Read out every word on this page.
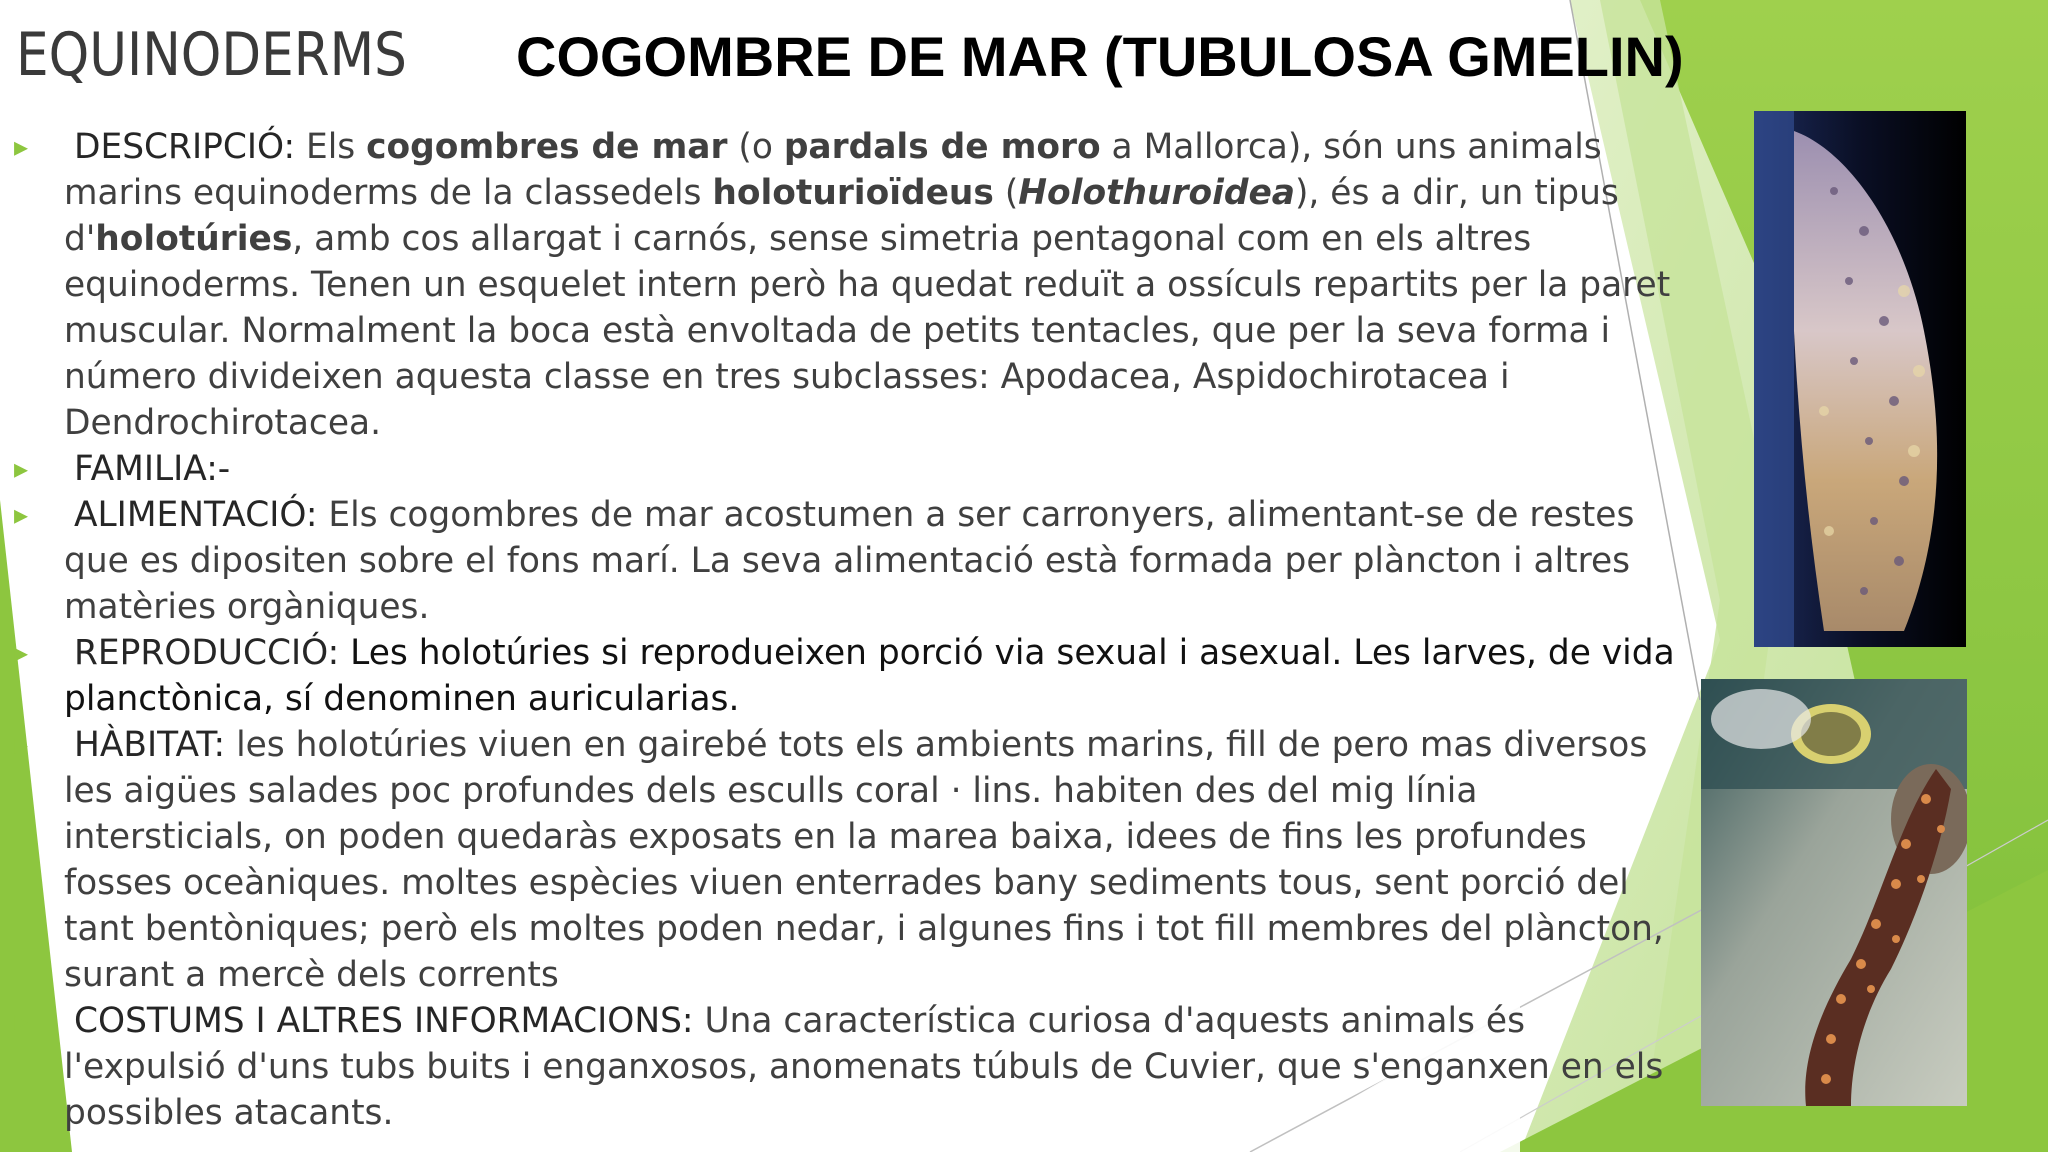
EQUINODERMS COGOMBRE DE MAR (TUBULOSA GMELIN)
▸ DESCRIPCIÓ: Els cogombres de mar (o pardals de moro a Mallorca), són uns animals marins equinoderms de la classedels holoturioïdeus (Holothuroidea), és a dir, un tipus d'holotúries, amb cos allargat i carnós, sense simetria pentagonal com en els altres equinoderms. Tenen un esquelet intern però ha quedat reduït a ossículs repartits per la paret muscular. Normalment la boca està envoltada de petits tentacles, que per la seva forma i número divideixen aquesta classe en tres subclasses: Apodacea, Aspidochirotacea i Dendrochirotacea.
▸ FAMILIA:-
▸ ALIMENTACIÓ: Els cogombres de mar acostumen a ser carronyers, alimentant-se de restes que es dipositen sobre el fons marí. La seva alimentació està formada per plàncton i altres matèries orgàniques.
▸ REPRODUCCIÓ: Les holotúries si reprodueixen porció via sexual i asexual. Les larves, de vida planctònica, sí denominen auricularias.
▸ HÀBITAT: les holotúries viuen en gairebé tots els ambients marins, fill de pero mas diversos les aigües salades poc profundes dels esculls coral · lins. habiten des del mig línia intersticials, on poden quedaràs exposats en la marea baixa, idees de fins les profundes fosses oceàniques. moltes espècies viuen enterrades bany sediments tous, sent porció del tant bentòniques; però els moltes poden nedar, i algunes fins i tot fill membres del plàncton, surant a mercè dels corrents
▸ COSTUMS I ALTRES INFORMACIONS: Una característica curiosa d'aquests animals és l'expulsió d'uns tubs buits i enganxosos, anomenats túbuls de Cuvier, que s'enganxen en els possibles atacants.
